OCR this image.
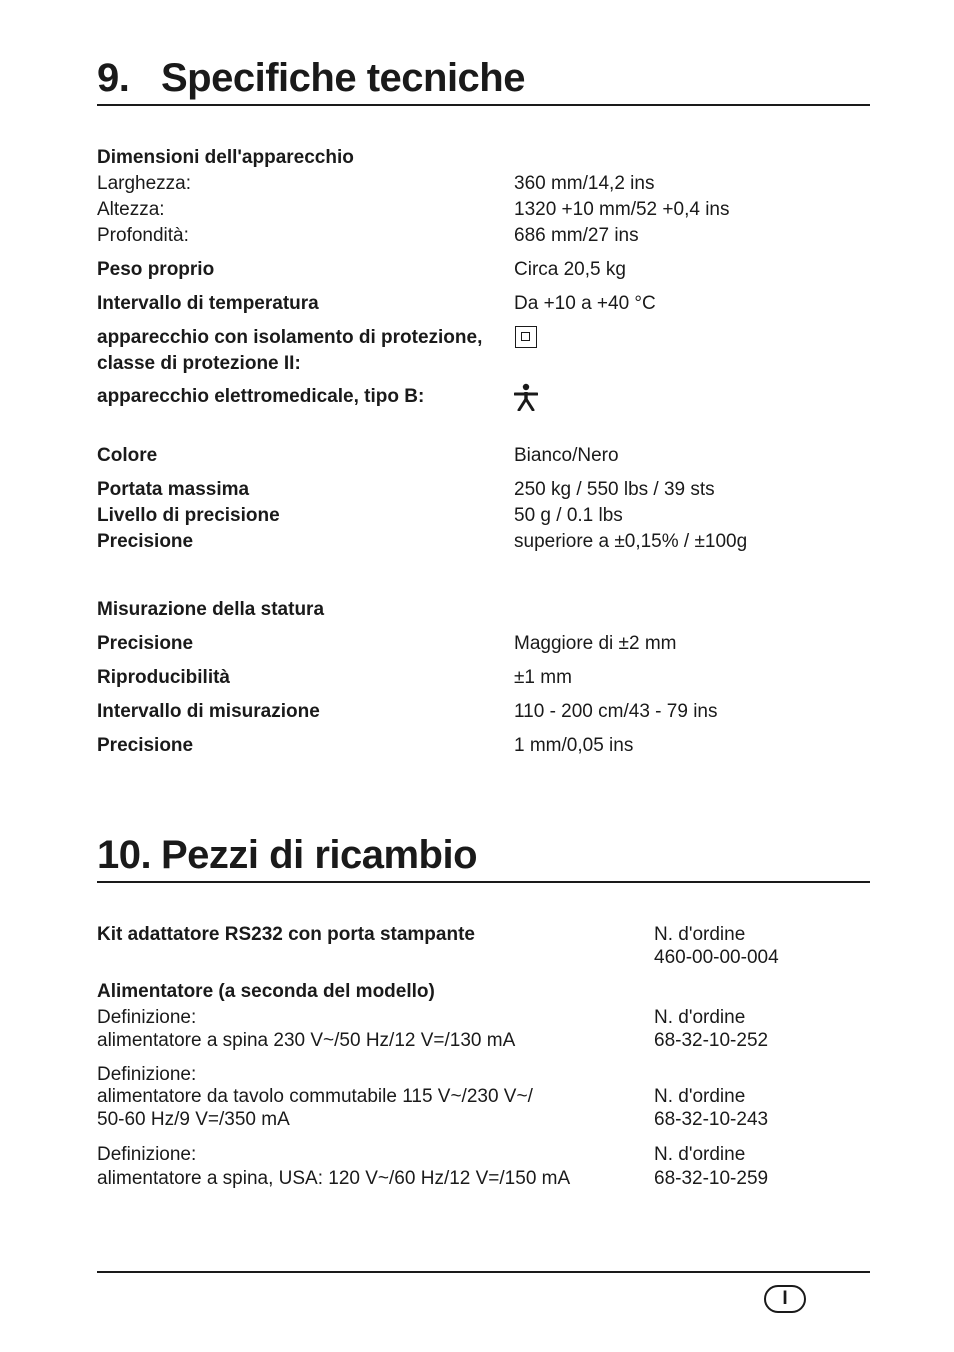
9. Specifiche tecniche
Dimensioni dell'apparecchio
Larghezza:	360 mm/14,2 ins
Altezza:	1320 +10 mm/52 +0,4 ins
Profondità:	686 mm/27 ins
Peso proprio	Circa 20,5 kg
Intervallo di temperatura	Da +10 a +40 °C
apparecchio con isolamento di protezione,
classe di protezione II:
apparecchio elettromedicale, tipo B:
Colore	Bianco/Nero
Portata massima	250 kg / 550 lbs / 39 sts
Livello di precisione	50 g / 0.1 lbs
Precisione	superiore a ±0,15% / ±100g
Misurazione della statura
Precisione	Maggiore di ±2 mm
Riproducibilità	±1 mm
Intervallo di misurazione	110 - 200 cm/43 - 79 ins
Precisione	1 mm/0,05 ins
10. Pezzi di ricambio
Kit adattatore RS232 con porta stampante	N. d'ordine
460-00-00-004
Alimentatore (a seconda del modello)
Definizione:
alimentatore a spina 230 V~/50 Hz/12 V=/130 mA
N. d'ordine
68-32-10-252
Definizione:
alimentatore da tavolo commutabile 115 V~/230 V~/
50-60 Hz/9 V=/350 mA
N. d'ordine
68-32-10-243
Definizione:
alimentatore a spina, USA: 120 V~/60 Hz/12 V=/150 mA
N. d'ordine
68-32-10-259
I
